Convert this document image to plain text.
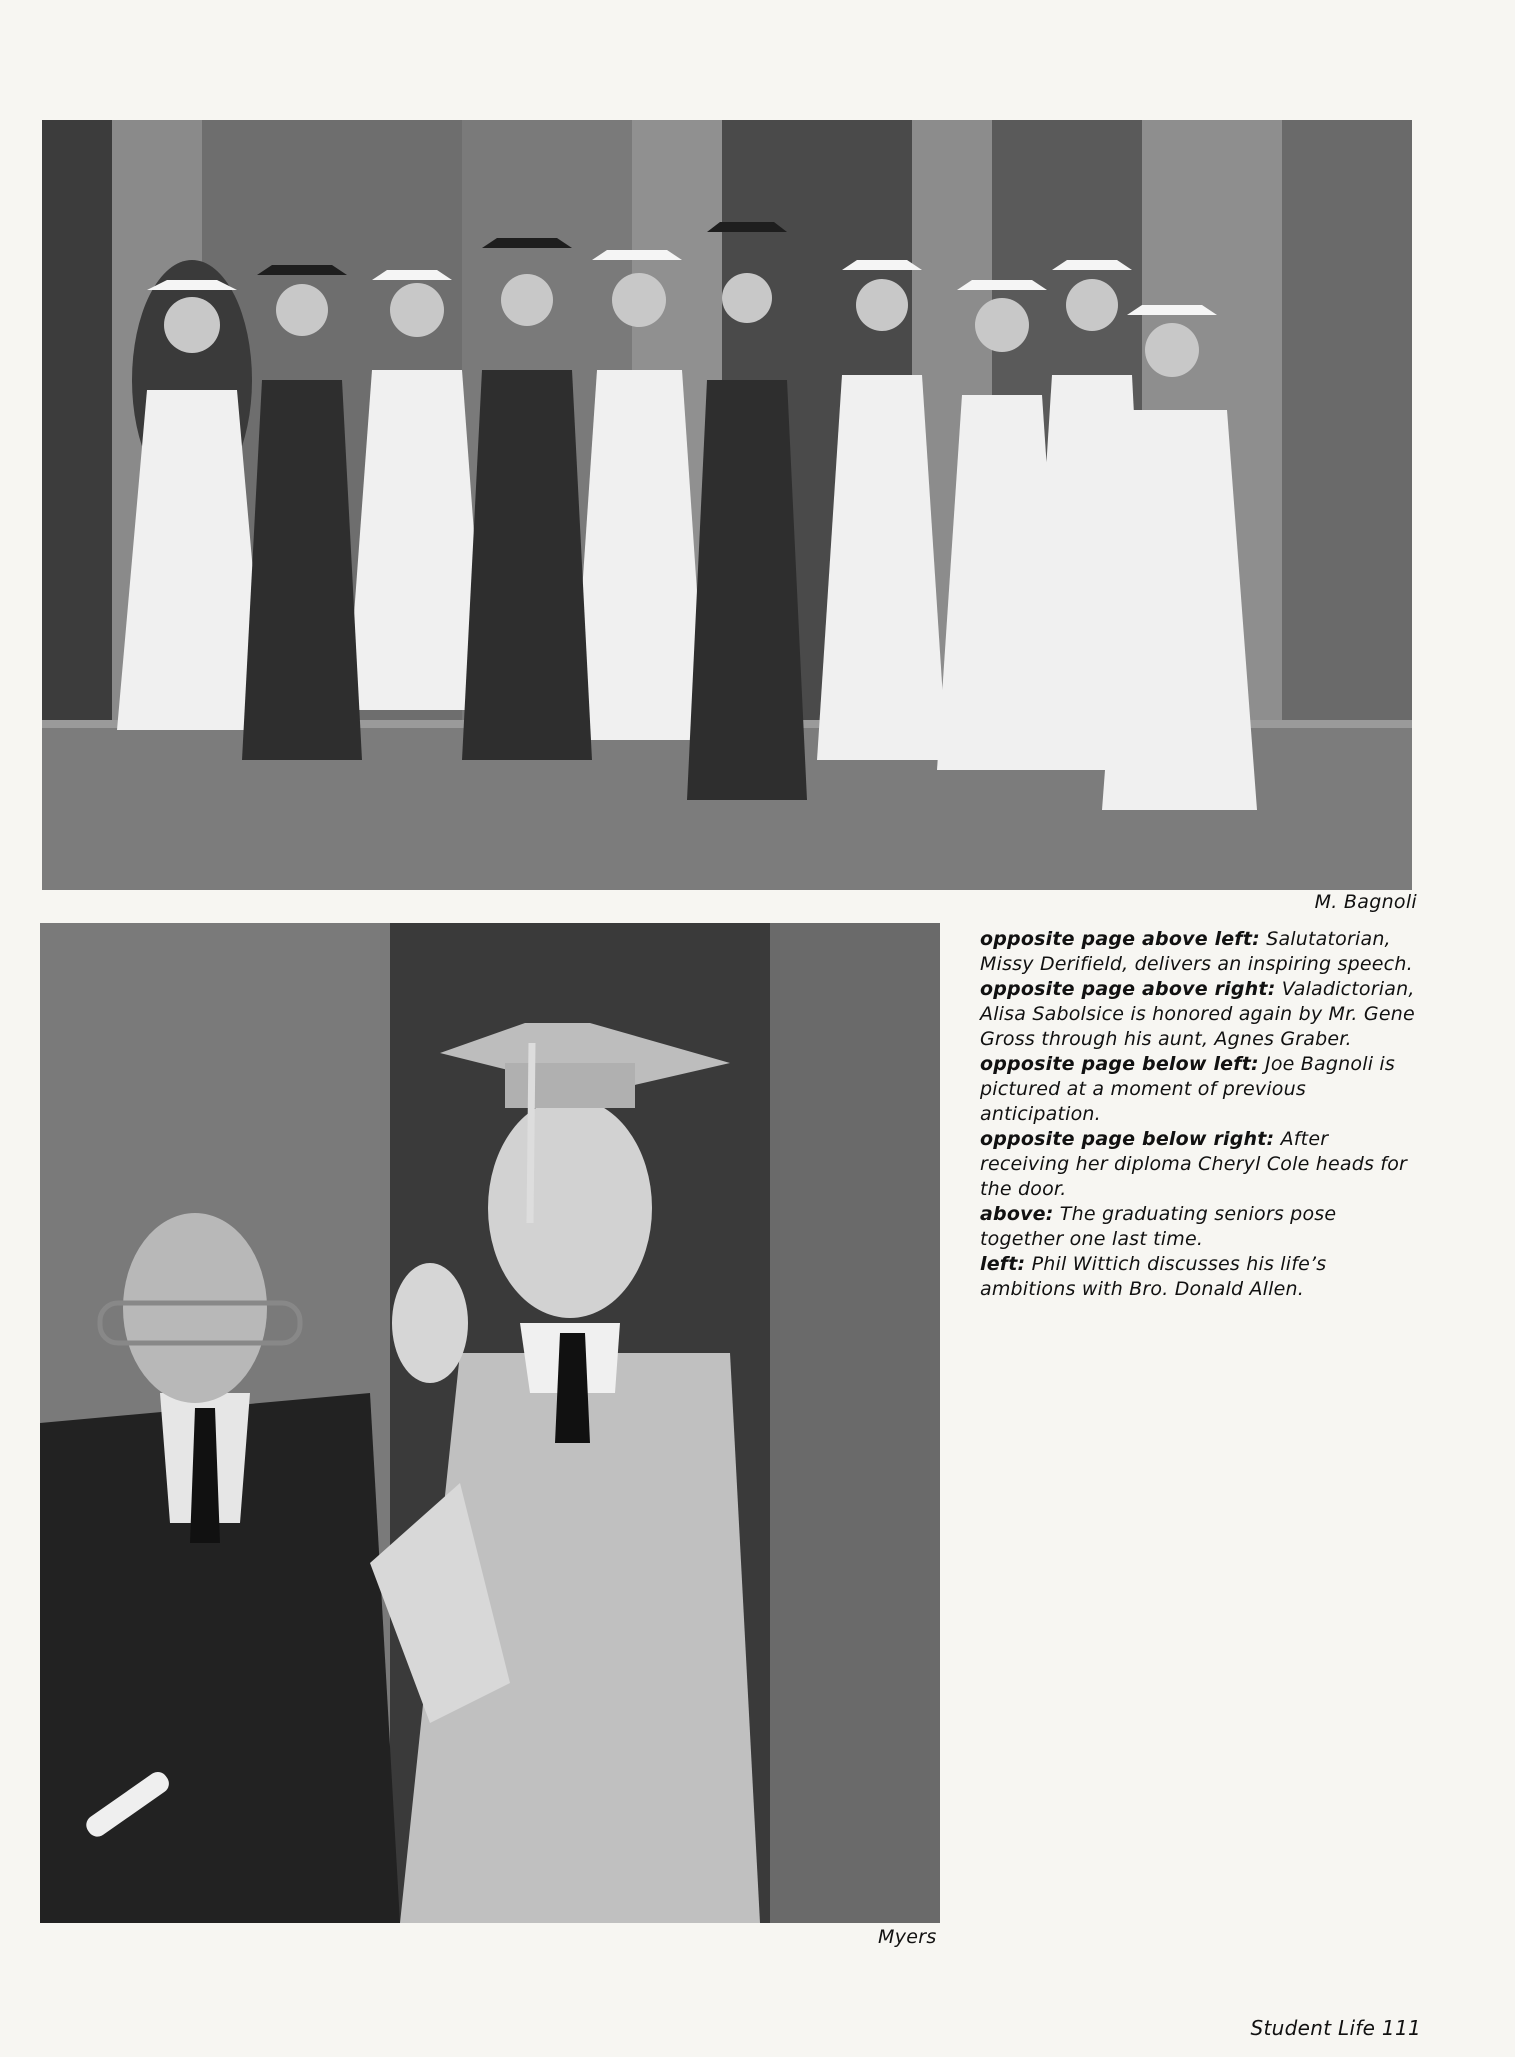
M. Bagnoli
Myers

opposite page above left: Salutatorian, Missy Derifield, delivers an inspiring speech.

opposite page above right: Valadictorian, Alisa Sabolsice is honored again by Mr. Gene Gross through his aunt, Agnes Graber.

opposite page below left: Joe Bagnoli is pictured at a moment of previous anticipation.

opposite page below right: After receiving her diploma Cheryl Cole heads for the door.

above: The graduating seniors pose together one last time.

left: Phil Wittich discusses his life’s ambitions with Bro. Donald Allen.

Student Life 111
